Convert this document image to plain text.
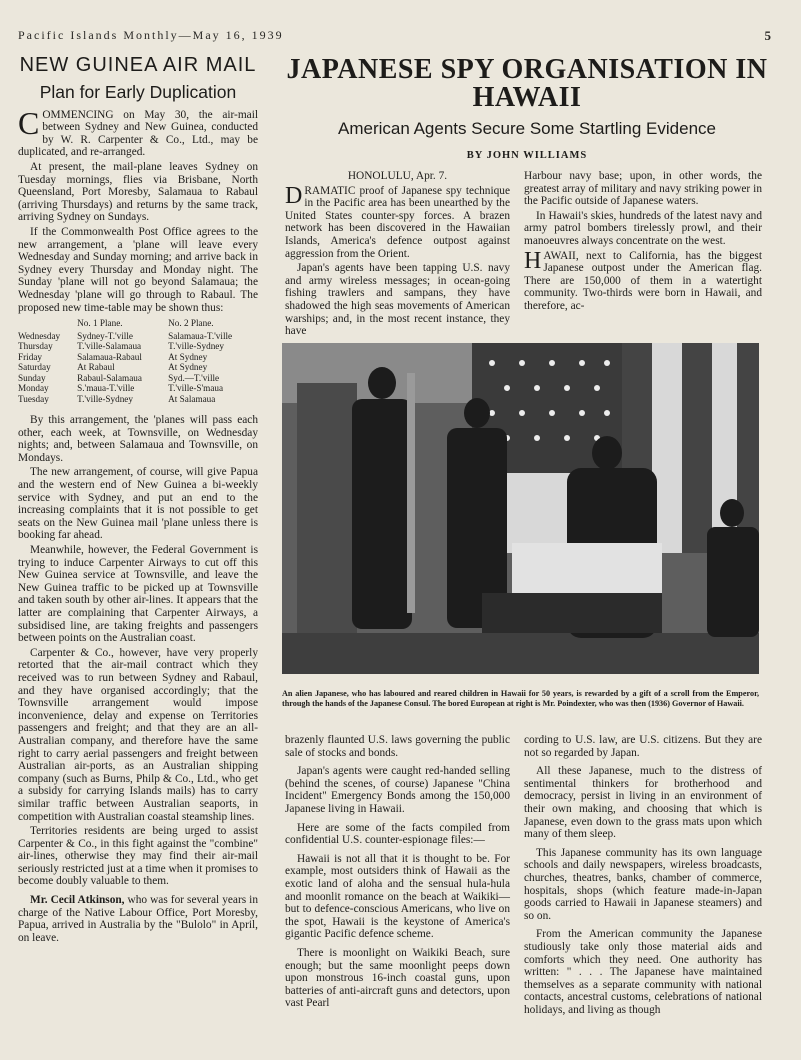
Pacific Islands Monthly—May 16, 1939	5
NEW GUINEA AIR MAIL
Plan for Early Duplication

COMMENCING on May 30, the air-mail between Sydney and New Guinea, conducted by W. R. Carpenter & Co., Ltd., may be duplicated, and re-arranged.

At present, the mail-plane leaves Sydney on Tuesday mornings, flies via Brisbane, North Queensland, Port Moresby, Salamaua to Rabaul (arriving Thursdays) and returns by the same track, arriving Sydney on Sundays.

If the Commonwealth Post Office agrees to the new arrangement, a 'plane will leave every Wednesday and Sunday morning; and arrive back in Sydney every Thursday and Monday night. The Sunday 'plane will not go beyond Salamaua; the Wednesday 'plane will go through to Rabaul. The proposed new time-table may be shown thus:

	No. 1 Plane.	No. 2 Plane.
Wednesday	Sydney-T.'ville	Salamaua-T.'ville
Thursday	T.'ville-Salamaua	T.'ville-Sydney
Friday	Salamaua-Rabaul	At Sydney
Saturday	At Rabaul	At Sydney
Sunday	Rabaul-Salamaua	Syd.—T.'ville
Monday	S.'maua-T.'ville	T.'ville-S'maua
Tuesday	T.'ville-Sydney	At Salamaua

By this arrangement, the 'planes will pass each other, each week, at Townsville, on Wednesday nights; and, between Salamaua and Townsville, on Mondays.

The new arrangement, of course, will give Papua and the western end of New Guinea a bi-weekly service with Sydney, and put an end to the increasing complaints that it is not possible to get seats on the New Guinea mail 'plane unless there is booking far ahead.

Meanwhile, however, the Federal Government is trying to induce Carpenter Airways to cut off this New Guinea service at Townsville, and leave the New Guinea traffic to be picked up at Townsville and taken south by other air-lines. It appears that the latter are complaining that Carpenter Airways, a subsidised line, are taking freights and passengers between points on the Australian coast.

Carpenter & Co., however, have very properly retorted that the air-mail contract which they received was to run between Sydney and Rabaul, and they have organised accordingly; that the Townsville arrangement would impose inconvenience, delay and expense on Territories passengers and freight; and that they are an all-Australian company, and therefore have the same right to carry aerial passengers and freight between Australian air-ports, as an Australian shipping company (such as Burns, Philp & Co., Ltd., who get a subsidy for carrying Islands mails) has to carry similar traffic between Australian seaports, in competition with Australian coastal steamship lines.

Territories residents are being urged to assist Carpenter & Co., in this fight against the "combine" air-lines, otherwise they may find their air-mail seriously restricted just at a time when it promises to become doubly valuable to them.

Mr. Cecil Atkinson, who was for several years in charge of the Native Labour Office, Port Moresby, Papua, arrived in Australia by the "Bulolo" in April, on leave.

JAPANESE SPY ORGANISATION IN HAWAII
American Agents Secure Some Startling Evidence
BY JOHN WILLIAMS

HONOLULU, Apr. 7.

DRAMATIC proof of Japanese spy technique in the Pacific area has been unearthed by the United States counter-spy forces. A brazen network has been discovered in the Hawaiian Islands, America's defence outpost against aggression from the Orient.

Japan's agents have been tapping U.S. navy and army wireless messages; in ocean-going fishing trawlers and sampans, they have shadowed the high seas movements of American warships; and, in the most recent instance, they have

Harbour navy base; upon, in other words, the greatest array of military and navy striking power in the Pacific outside of Japanese waters.

In Hawaii's skies, hundreds of the latest navy and army patrol bombers tirelessly prowl, and their manoeuvres always concentrate on the west.

HAWAII, next to California, has the biggest Japanese outpost under the American flag. There are 150,000 of them in a watertight community. Two-thirds were born in Hawaii, and therefore, ac-

An alien Japanese, who has laboured and reared children in Hawaii for 50 years, is rewarded by a gift of a scroll from the Emperor, through the hands of the Japanese Consul. The bored European at right is Mr. Poindexter, who was then (1936) Governor of Hawaii.

brazenly flaunted U.S. laws governing the public sale of stocks and bonds.

Japan's agents were caught red-handed selling (behind the scenes, of course) Japanese "China Incident" Emergency Bonds among the 150,000 Japanese living in Hawaii.

Here are some of the facts compiled from confidential U.S. counter-espionage files:—

Hawaii is not all that it is thought to be. For example, most outsiders think of Hawaii as the exotic land of aloha and the sensual hula-hula and moonlit romance on the beach at Waikiki—but to defence-conscious Americans, who live on the spot, Hawaii is the keystone of America's gigantic Pacific defence scheme.

There is moonlight on Waikiki Beach, sure enough; but the same moonlight peeps down upon monstrous 16-inch coastal guns, upon batteries of anti-aircraft guns and detectors, upon vast Pearl

cording to U.S. law, are U.S. citizens. But they are not so regarded by Japan.

All these Japanese, much to the distress of sentimental thinkers for brotherhood and democracy, persist in living in an environment of their own making, and choosing that which is Japanese, even down to the grass mats upon which many of them sleep.

This Japanese community has its own language schools and daily newspapers, wireless broadcasts, churches, theatres, banks, chamber of commerce, hospitals, shops (which feature made-in-Japan goods carried to Hawaii in Japanese steamers) and so on.

From the American community the Japanese studiously take only those material aids and comforts which they need. One authority has written: " . . . The Japanese have maintained themselves as a separate community with national contacts, ancestral customs, celebrations of national holidays, and living as though
